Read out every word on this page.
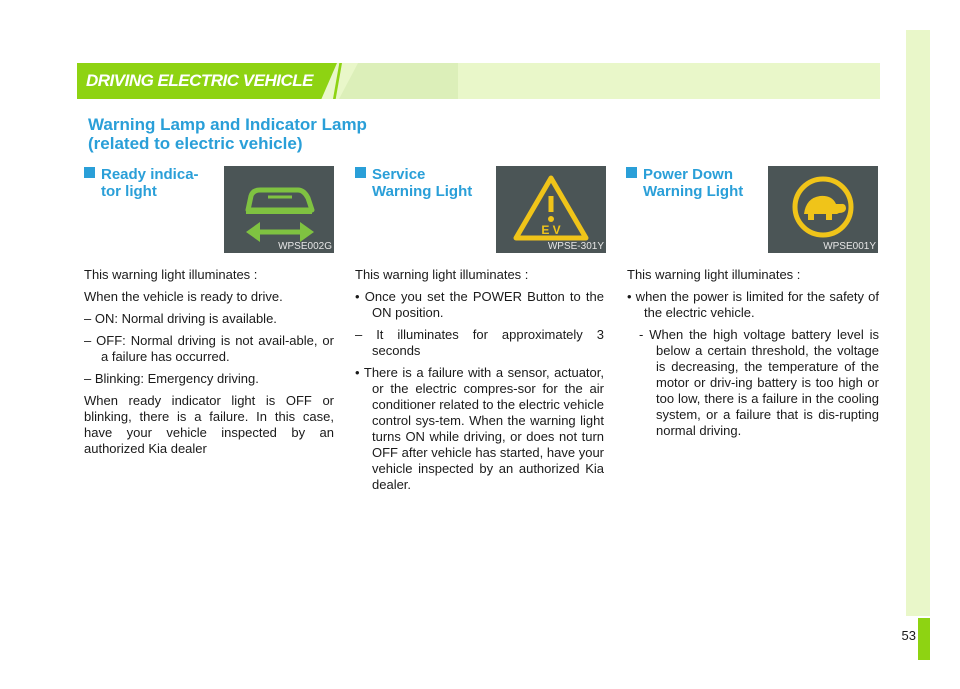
53
DRIVING ELECTRIC VEHICLE
Warning Lamp and Indicator Lamp
(related to electric vehicle)
Ready indica-
tor light
WPSE002G

This warning light illuminates :

When the vehicle is ready to drive.

– ON: Normal driving is available.

– OFF: Normal driving is not avail-able, or a failure has occurred.

– Blinking: Emergency driving.

When ready indicator light is OFF or blinking, there is a failure. In this case, have your vehicle inspected by an authorized Kia dealer

Service
Warning Light
E V
WPSE-301Y

This warning light illuminates :

• Once you set the POWER Button to the ON position.

– It illuminates for approximately 3 seconds

• There is a failure with a sensor, actuator, or the electric compres-sor for the air conditioner related to the electric vehicle control sys-tem. When the warning light turns ON while driving, or does not turn OFF after vehicle has started, have your vehicle inspected by an authorized Kia dealer.

Power Down
Warning Light
WPSE001Y

This warning light illuminates :

• when the power is limited for the safety of the electric vehicle.

- When the high voltage battery level is below a certain threshold, the voltage is decreasing, the temperature of the motor or driv-ing battery is too high or too low, there is a failure in the cooling system, or a failure that is dis-rupting normal driving.
